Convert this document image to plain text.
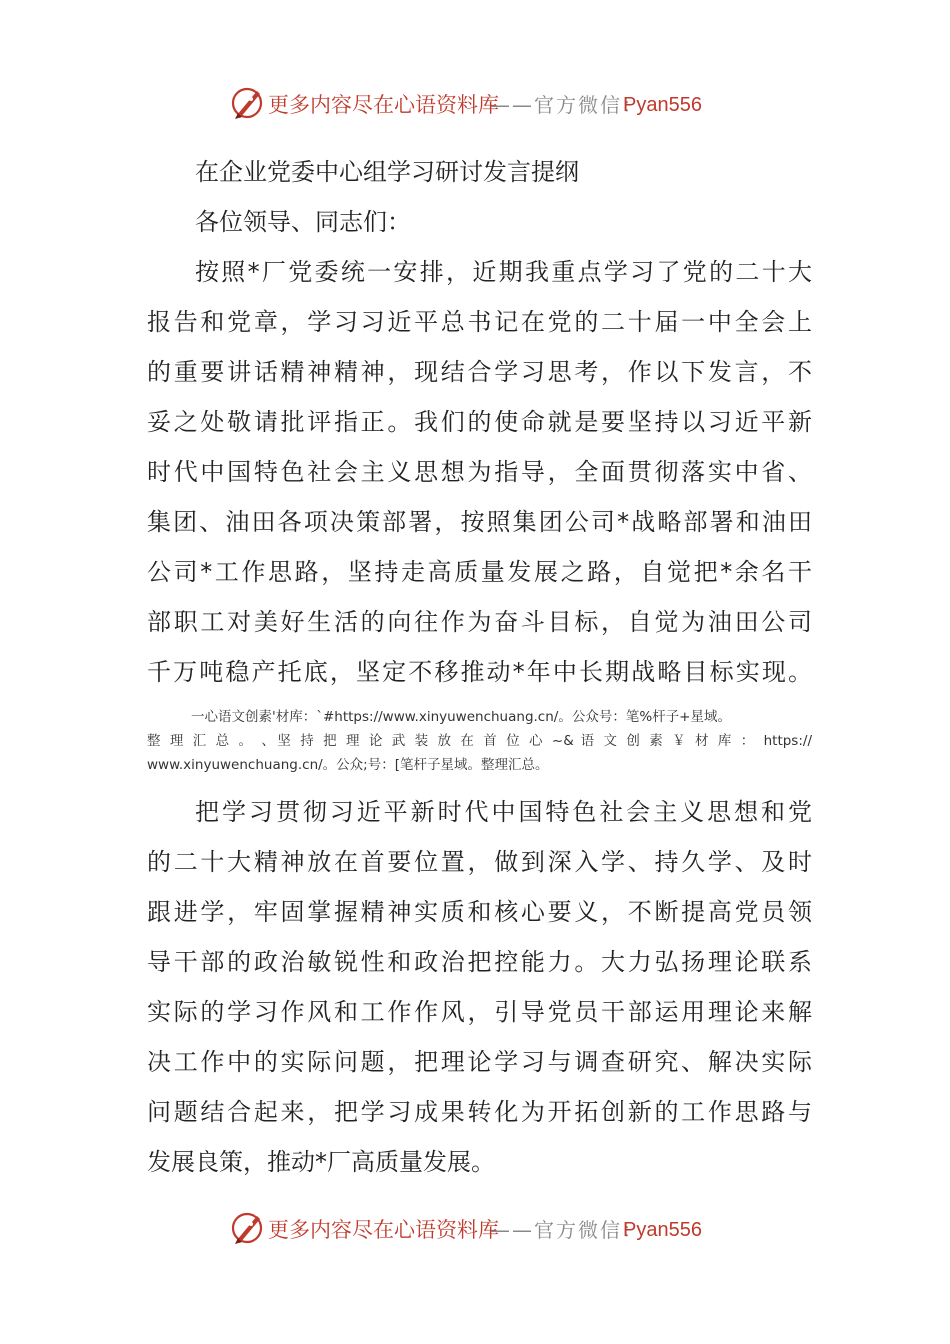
更多内容尽在心语资料库
——官方微信：
Pyan556
在企业党委中心组学习研讨发言提纲
各位领导、同志们：
按照*厂党委统一安排，近期我重点学习了党的二十大
报告和党章，学习习近平总书记在党的二十届一中全会上
的重要讲话精神精神，现结合学习思考，作以下发言，不
妥之处敬请批评指正。我们的使命就是要坚持以习近平新
时代中国特色社会主义思想为指导，全面贯彻落实中省、
集团、油田各项决策部署，按照集团公司*战略部署和油田
公司*工作思路，坚持走高质量发展之路，自觉把*余名干
部职工对美好生活的向往作为奋斗目标，自觉为油田公司
千万吨稳产托底，坚定不移推动*年中长期战略目标实现。
一心语文创素'材库：`#https://www.xinyuwenchuang.cn/。公众号：笔%杆子+星域。
整 理 汇 总 。 、坚 持 把 理 论 武 装 放 在 首 位 心 ~& 语 文 创 素 ￥ 材 库 ： https://
www.xinyuwenchuang.cn/。公众;号：[笔杆子星域。整理汇总。
把学习贯彻习近平新时代中国特色社会主义思想和党
的二十大精神放在首要位置，做到深入学、持久学、及时
跟进学，牢固掌握精神实质和核心要义，不断提高党员领
导干部的政治敏锐性和政治把控能力。大力弘扬理论联系
实际的学习作风和工作作风，引导党员干部运用理论来解
决工作中的实际问题，把理论学习与调查研究、解决实际
问题结合起来，把学习成果转化为开拓创新的工作思路与
发展良策，推动*厂高质量发展。
更多内容尽在心语资料库
——官方微信：
Pyan556
